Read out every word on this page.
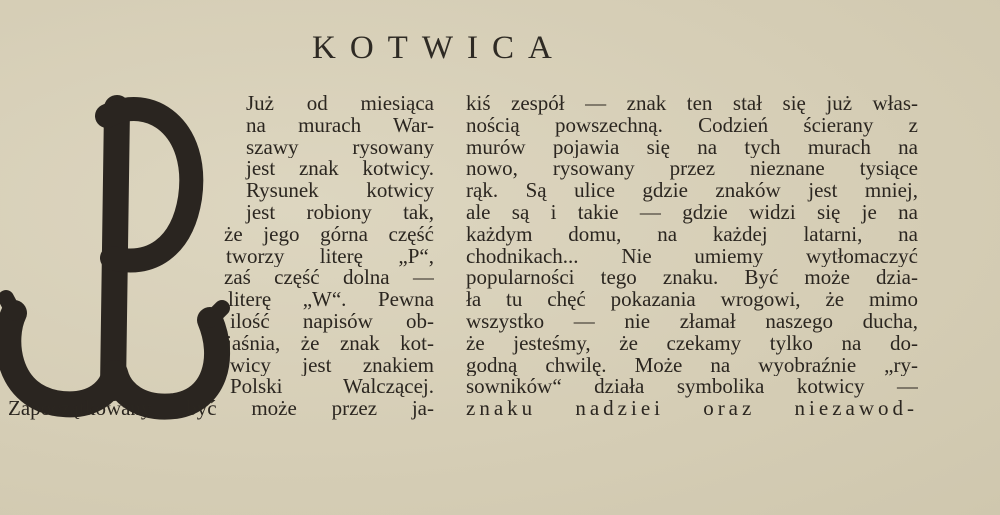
KOTWICA
Już od miesiąca
na murach War-
szawy rysowany
jest znak kotwicy.
Rysunek kotwicy
jest robiony tak,
że jego górna część
tworzy literę „P“,
zaś część dolna —
literę „W“. Pewna
ilość napisów ob-
jaśnia, że znak kot-
wicy jest znakiem
Polski Walczącej.
Zapoczątkowany być może przez ja-
kiś zespół — znak ten stał się już włas-
nością powszechną. Codzień ścierany z
murów pojawia się na tych murach na
nowo, rysowany przez nieznane tysiące
rąk. Są ulice gdzie znaków jest mniej,
ale są i takie — gdzie widzi się je na
każdym domu, na każdej latarni, na
chodnikach... Nie umiemy wytłomaczyć
popularności tego znaku. Być może dzia-
ła tu chęć pokazania wrogowi, że mimo
wszystko — nie złamał naszego ducha,
że jesteśmy, że czekamy tylko na do-
godną chwilę. Może na wyobraźnie „ry-
sowników“ działa symbolika kotwicy —
znaku nadziei oraz niezawod-
